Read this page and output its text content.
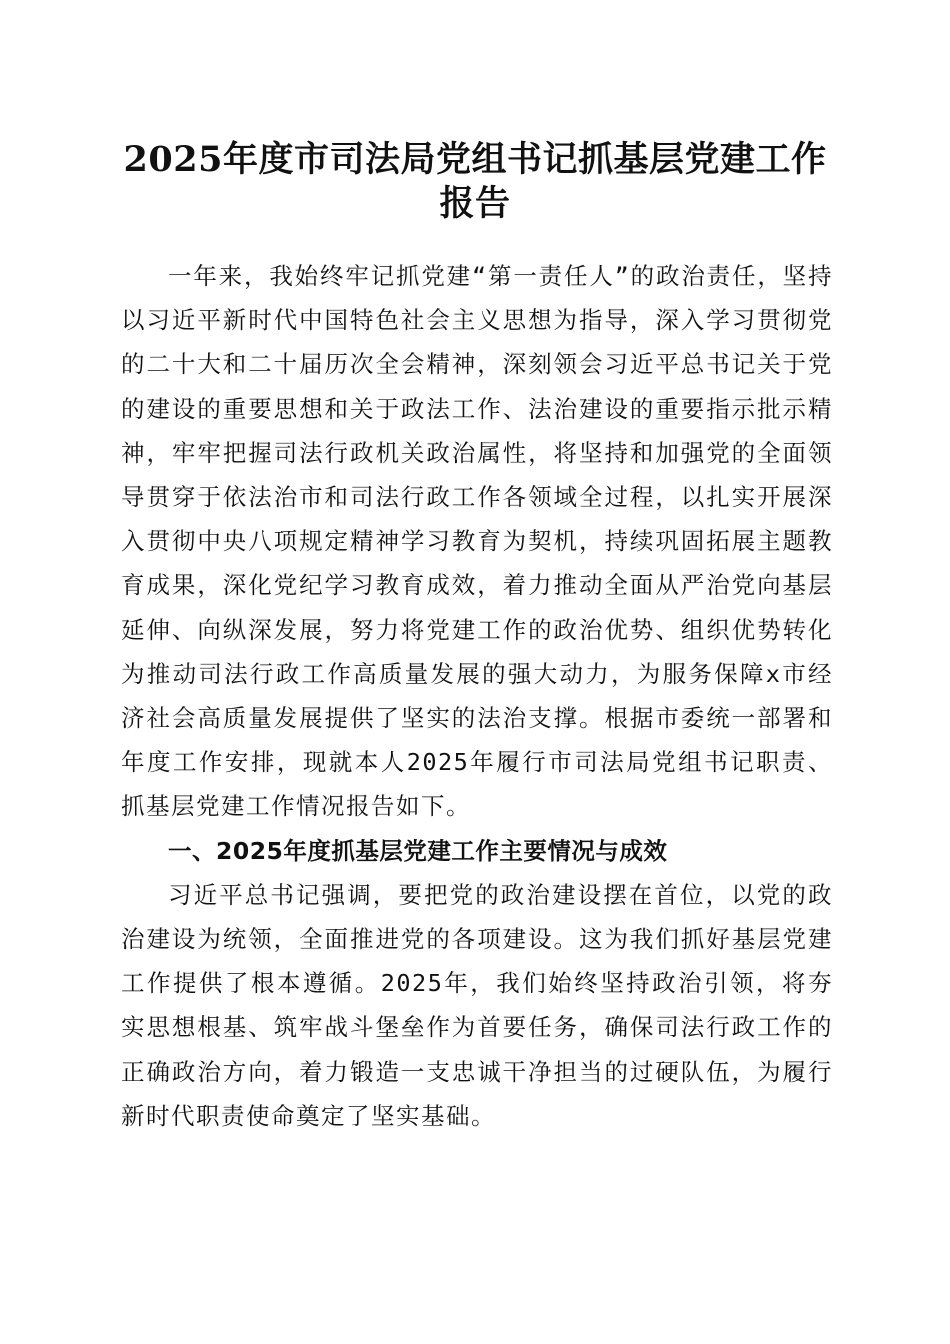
2025年度市司法局党组书记抓基层党建工作
报告

一年来，我始终牢记抓党建“第一责任人”的政治责任，坚持以习近平新时代中国特色社会主义思想为指导，深入学习贯彻党的二十大和二十届历次全会精神，深刻领会习近平总书记关于党的建设的重要思想和关于政法工作、法治建设的重要指示批示精神，牢牢把握司法行政机关政治属性，将坚持和加强党的全面领导贯穿于依法治市和司法行政工作各领域全过程，以扎实开展深入贯彻中央八项规定精神学习教育为契机，持续巩固拓展主题教育成果，深化党纪学习教育成效，着力推动全面从严治党向基层延伸、向纵深发展，努力将党建工作的政治优势、组织优势转化为推动司法行政工作高质量发展的强大动力，为服务保障x市经济社会高质量发展提供了坚实的法治支撑。根据市委统一部署和年度工作安排，现就本人2025年履行市司法局党组书记职责、抓基层党建工作情况报告如下。

一、2025年度抓基层党建工作主要情况与成效

习近平总书记强调，要把党的政治建设摆在首位，以党的政治建设为统领，全面推进党的各项建设。这为我们抓好基层党建工作提供了根本遵循。2025年，我们始终坚持政治引领，将夯实思想根基、筑牢战斗堡垒作为首要任务，确保司法行政工作的正确政治方向，着力锻造一支忠诚干净担当的过硬队伍，为履行新时代职责使命奠定了坚实基础。
